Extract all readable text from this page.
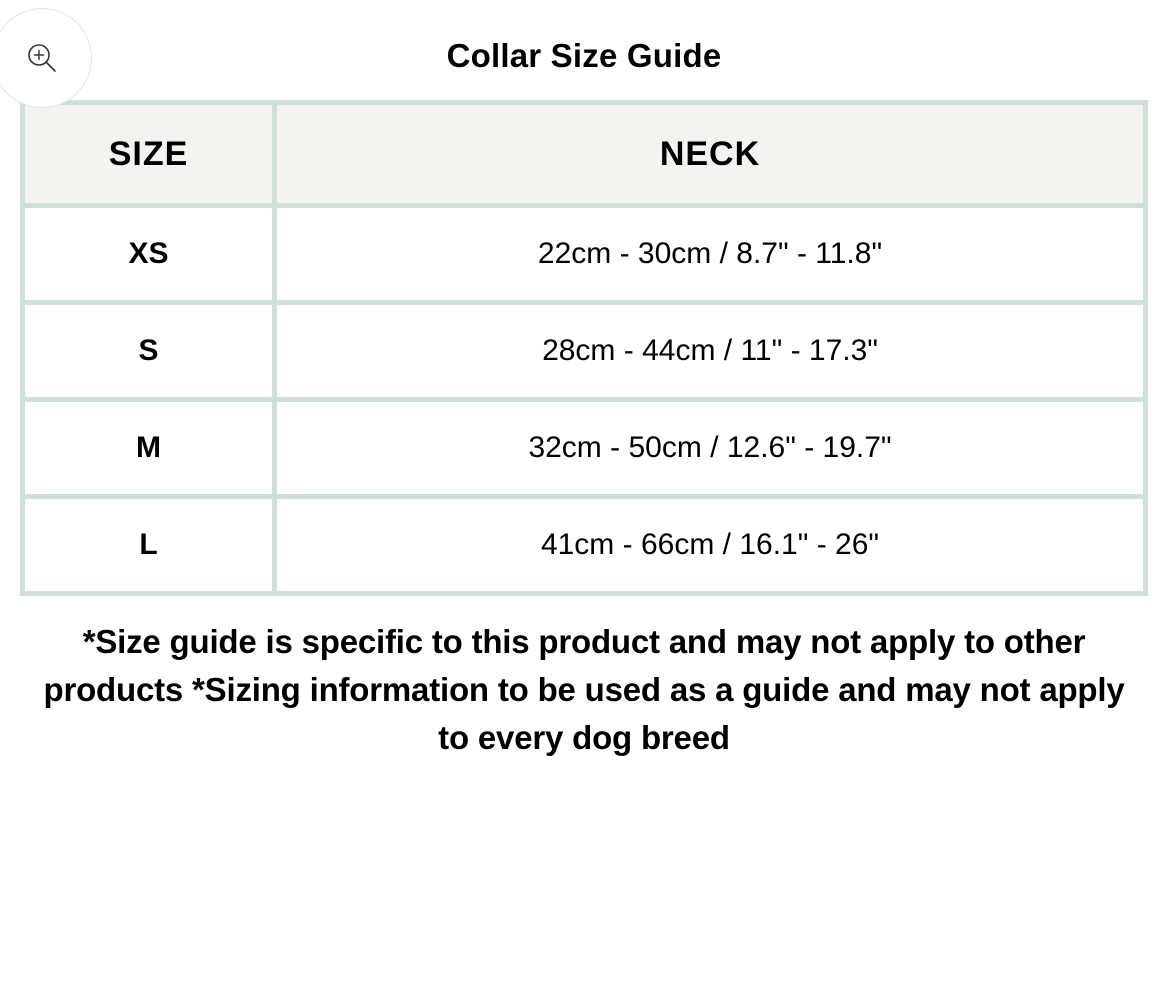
Collar Size Guide
SIZE	NECK
XS	22cm - 30cm / 8.7" - 11.8"
S	28cm - 44cm / 11" - 17.3"
M	32cm - 50cm / 12.6" - 19.7"
L	41cm - 66cm / 16.1" - 26"

*Size guide is specific to this product and may not apply to other products *Sizing information to be used as a guide and may not apply to every dog breed
